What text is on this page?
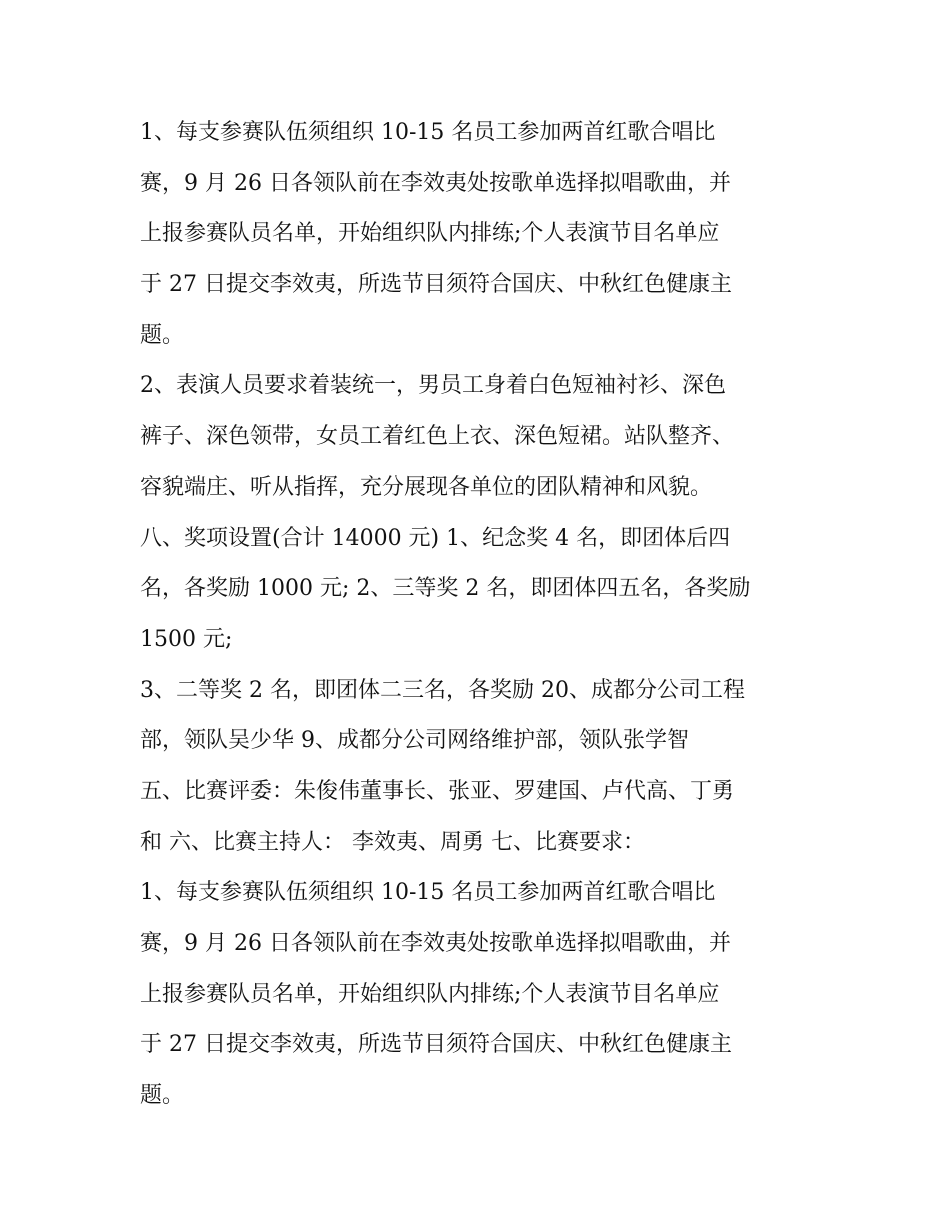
1、每支参赛队伍须组织 10-15 名员工参加两首红歌合唱比
赛，9 月 26 日各领队前在李效夷处按歌单选择拟唱歌曲，并
上报参赛队员名单，开始组织队内排练;个人表演节目名单应
于 27 日提交李效夷，所选节目须符合国庆、中秋红色健康主
题。
2、表演人员要求着装统一，男员工身着白色短袖衬衫、深色
裤子、深色领带，女员工着红色上衣、深色短裙。站队整齐、
容貌端庄、听从指挥，充分展现各单位的团队精神和风貌。
八、奖项设置(合计 14000 元) 1、纪念奖 4 名，即团体后四
名，各奖励 1000 元; 2、三等奖 2 名，即团体四五名，各奖励
1500 元;
3、二等奖 2 名，即团体二三名，各奖励 20、成都分公司工程
部，领队吴少华 9、成都分公司网络维护部，领队张学智
五、比赛评委：朱俊伟董事长、张亚、罗建国、卢代高、丁勇
和 六、比赛主持人： 李效夷、周勇 七、比赛要求：
1、每支参赛队伍须组织 10-15 名员工参加两首红歌合唱比
赛，9 月 26 日各领队前在李效夷处按歌单选择拟唱歌曲，并
上报参赛队员名单，开始组织队内排练;个人表演节目名单应
于 27 日提交李效夷，所选节目须符合国庆、中秋红色健康主
题。
